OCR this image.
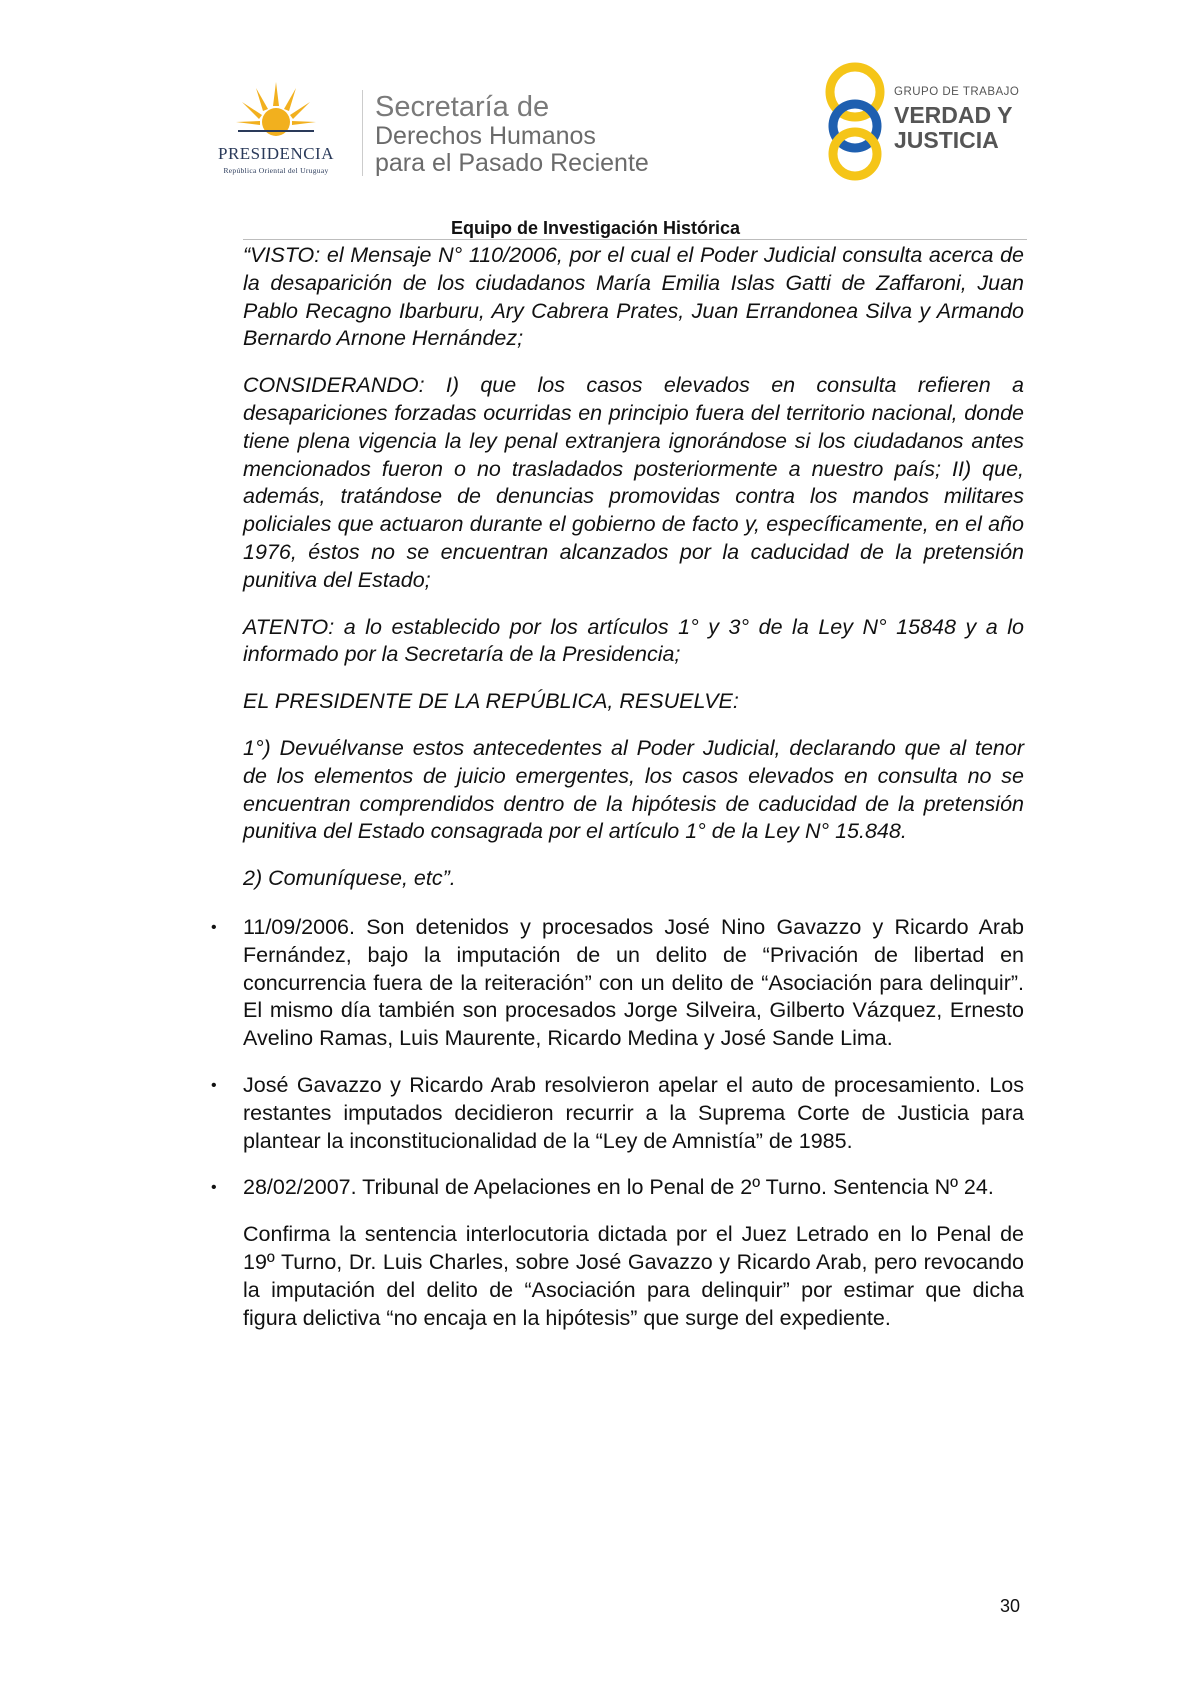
PRESIDENCIA
República Oriental del Uruguay
Secretaría de
Derechos Humanos
para el Pasado Reciente
GRUPO DE TRABAJO
VERDAD Y
JUSTICIA
Equipo de Investigación Histórica

“VISTO: el Mensaje N° 110/2006, por el cual el Poder Judicial consulta acerca de la desaparición de los ciudadanos María Emilia Islas Gatti de Zaffaroni, Juan Pablo Recagno Ibarburu, Ary Cabrera Prates, Juan Errandonea Silva y Armando Bernardo Arnone Hernández;

CONSIDERANDO: I) que los casos elevados en consulta refieren a desapariciones forzadas ocurridas en principio fuera del territorio nacional, donde tiene plena vigencia la ley penal extranjera ignorándose si los ciudadanos antes mencionados fueron o no trasladados posteriormente a nuestro país; II) que, además, tratándose de denuncias promovidas contra los mandos militares policiales que actuaron durante el gobierno de facto y, específicamente, en el año 1976, éstos no se encuentran alcanzados por la caducidad de la pretensión punitiva del Estado;

ATENTO: a lo establecido por los artículos 1° y 3° de la Ley N° 15848 y a lo informado por la Secretaría de la Presidencia;

EL PRESIDENTE DE LA REPÚBLICA, RESUELVE:

1°) Devuélvanse estos antecedentes al Poder Judicial, declarando que al tenor de los elementos de juicio emergentes, los casos elevados en consulta no se encuentran comprendidos dentro de la hipótesis de caducidad de la pretensión punitiva del Estado consagrada por el artículo 1° de la Ley N° 15.848.

2) Comuníquese, etc”.

• 11/09/2006. Son detenidos y procesados José Nino Gavazzo y Ricardo Arab Fernández, bajo la imputación de un delito de “Privación de libertad en concurrencia fuera de la reiteración” con un delito de “Asociación para delinquir”. El mismo día también son procesados Jorge Silveira, Gilberto Vázquez, Ernesto Avelino Ramas, Luis Maurente, Ricardo Medina y José Sande Lima.
• José Gavazzo y Ricardo Arab resolvieron apelar el auto de procesamiento. Los restantes imputados decidieron recurrir a la Suprema Corte de Justicia para plantear la inconstitucionalidad de la “Ley de Amnistía” de 1985.
• 28/02/2007. Tribunal de Apelaciones en lo Penal de 2º Turno. Sentencia Nº 24.

Confirma la sentencia interlocutoria dictada por el Juez Letrado en lo Penal de 19º Turno, Dr. Luis Charles, sobre José Gavazzo y Ricardo Arab, pero revocando la imputación del delito de “Asociación para delinquir” por estimar que dicha figura delictiva “no encaja en la hipótesis” que surge del expediente.

30
